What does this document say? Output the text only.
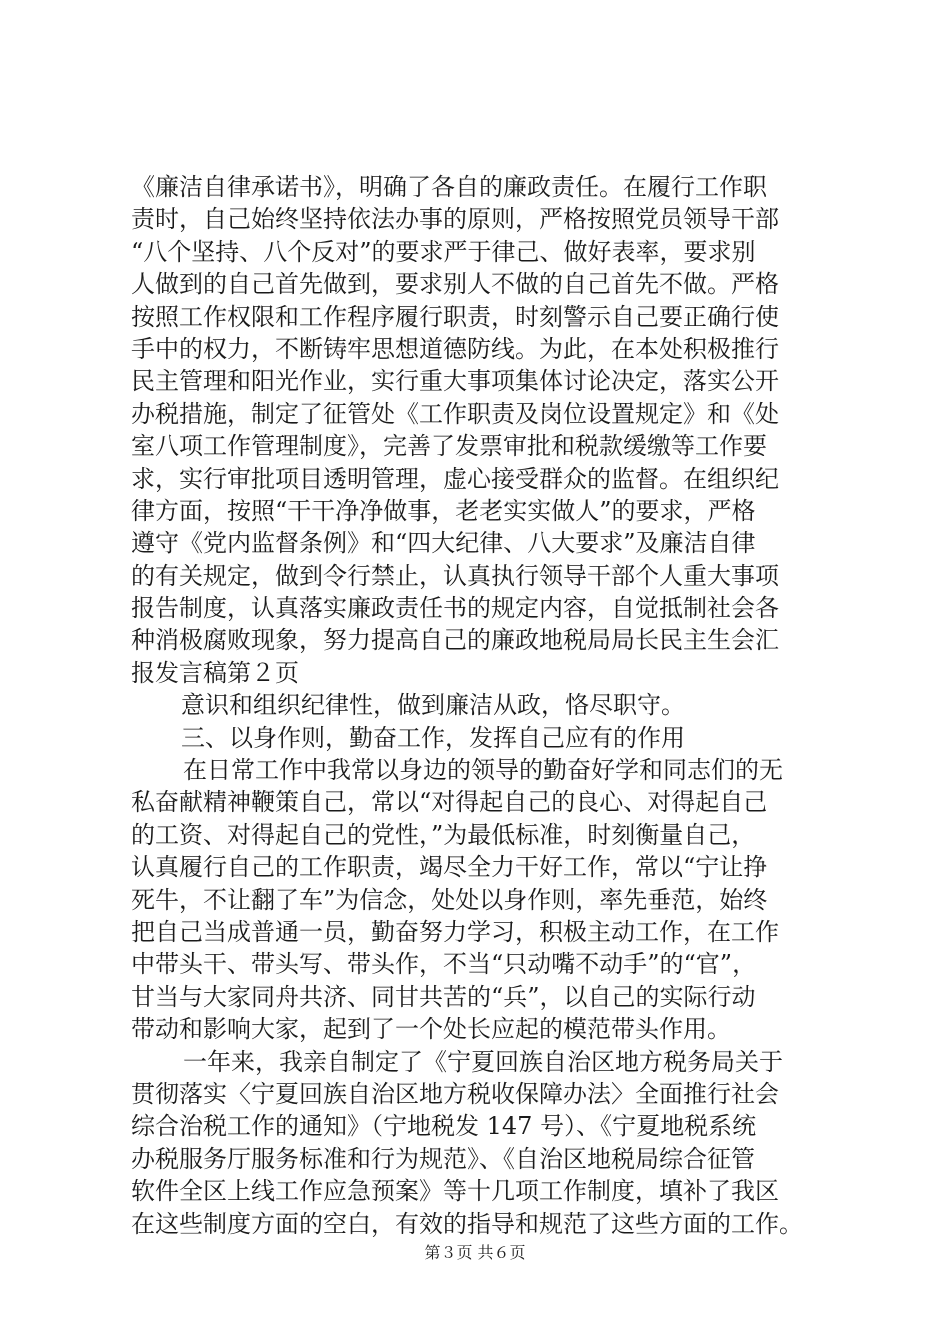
《廉洁自律承诺书》，明确了各自的廉政责任。在履行工作职
责时，自己始终坚持依法办事的原则，严格按照党员领导干部
“八个坚持、八个反对”的要求严于律己、做好表率，要求别
人做到的自己首先做到，要求别人不做的自己首先不做。严格
按照工作权限和工作程序履行职责，时刻警示自己要正确行使
手中的权力，不断铸牢思想道德防线。为此，在本处积极推行
民主管理和阳光作业，实行重大事项集体讨论决定，落实公开
办税措施，制定了征管处《工作职责及岗位设置规定》和《处
室八项工作管理制度》，完善了发票审批和税款缓缴等工作要
求，实行审批项目透明管理，虚心接受群众的监督。在组织纪
律方面，按照“干干净净做事，老老实实做人”的要求，严格
遵守《党内监督条例》和“四大纪律、八大要求”及廉洁自律
的有关规定，做到令行禁止，认真执行领导干部个人重大事项
报告制度，认真落实廉政责任书的规定内容，自觉抵制社会各
种消极腐败现象，努力提高自己的廉政地税局局长民主生会汇
报发言稿第２页
意识和组织纪律性，做到廉洁从政，恪尽职守。
三、以身作则，勤奋工作，发挥自己应有的作用
在日常工作中我常以身边的领导的勤奋好学和同志们的无
私奋献精神鞭策自己，常以“对得起自己的良心、对得起自己
的工资、对得起自己的党性，”为最低标准，时刻衡量自己，
认真履行自己的工作职责，竭尽全力干好工作，常以“宁让挣
死牛，不让翻了车”为信念，处处以身作则，率先垂范，始终
把自己当成普通一员，勤奋努力学习，积极主动工作，在工作
中带头干、带头写、带头作，不当“只动嘴不动手”的“官”，
甘当与大家同舟共济、同甘共苦的“兵”，以自己的实际行动
带动和影响大家，起到了一个处长应起的模范带头作用。
一年来，我亲自制定了《宁夏回族自治区地方税务局关于
贯彻落实〈宁夏回族自治区地方税收保障办法〉全面推行社会
综合治税工作的通知》（宁地税发 147 号）、《宁夏地税系统
办税服务厅服务标准和行为规范》、《自治区地税局综合征管
软件全区上线工作应急预案》等十几项工作制度，填补了我区
在这些制度方面的空白，有效的指导和规范了这些方面的工作。
第３页 共６页
